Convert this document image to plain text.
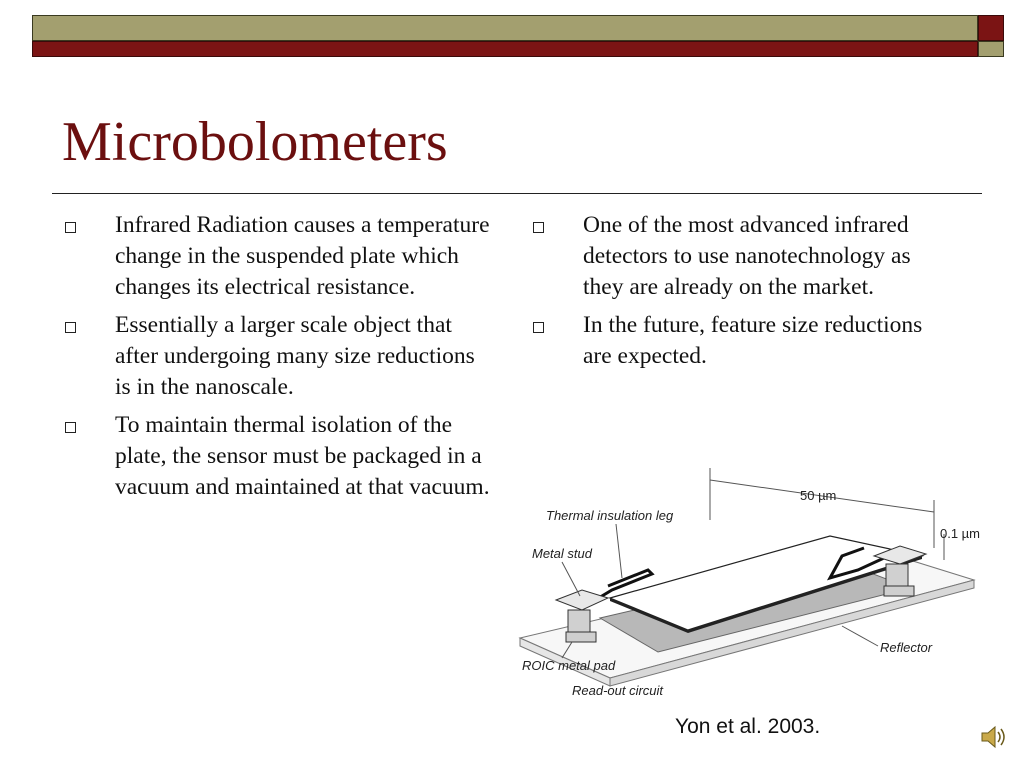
Microbolometers
Infrared Radiation causes a temperature change in the suspended plate which changes its electrical resistance.
Essentially a larger scale object that after undergoing many size reductions is in the nanoscale.
To maintain thermal isolation of the plate, the sensor must be packaged in a vacuum and maintained at that vacuum.
One of the most advanced infrared detectors to use nanotechnology as they are already on the market.
In the future, feature size reductions are expected.
50 µm
0.1 µm
Thermal insulation leg
Metal stud
Reflector
ROIC metal pad
Read-out circuit
Yon et al. 2003.
